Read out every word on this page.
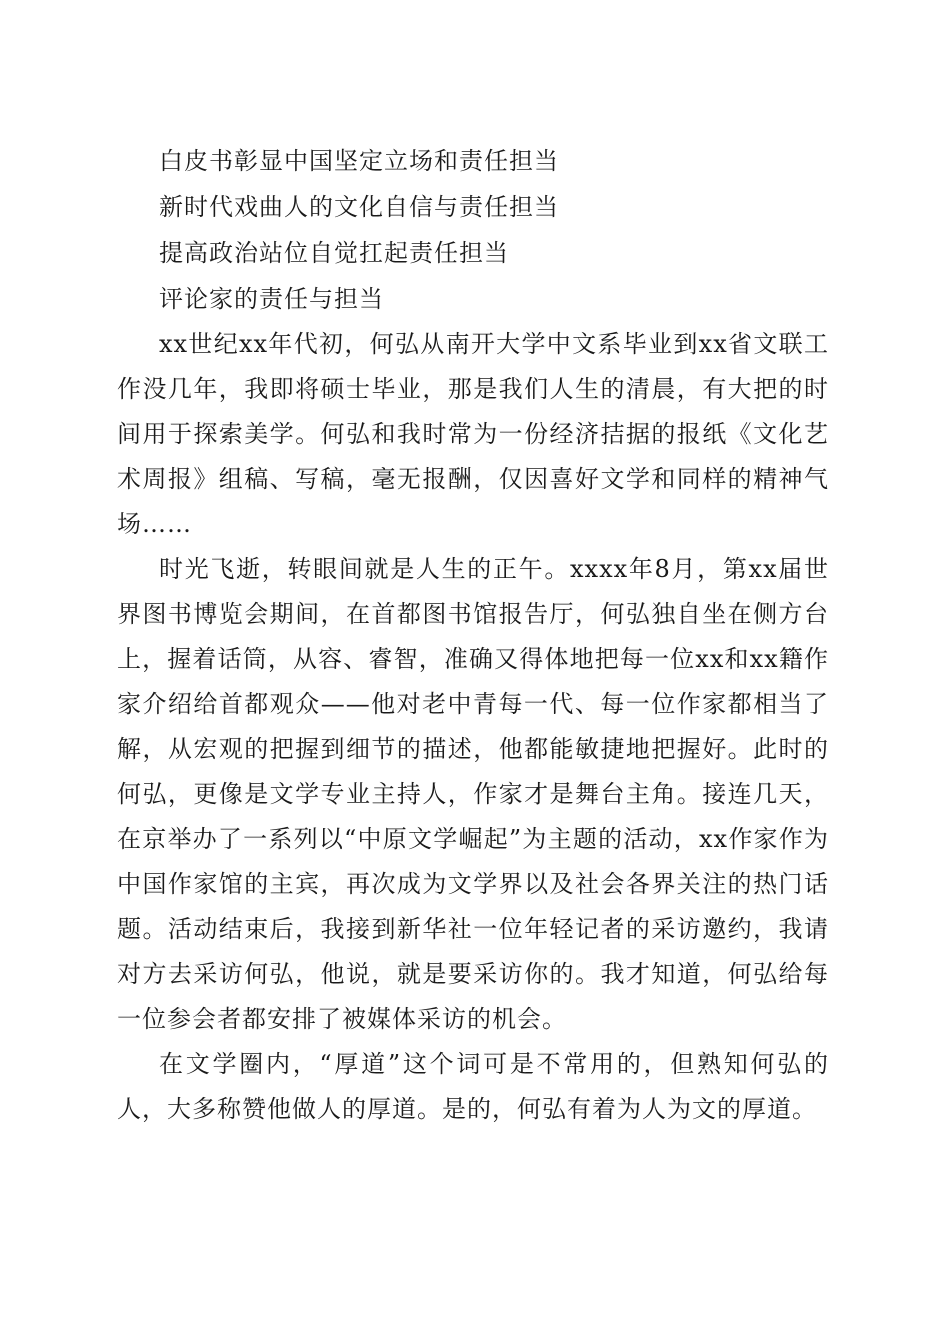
白皮书彰显中国坚定立场和责任担当
新时代戏曲人的文化自信与责任担当
提高政治站位自觉扛起责任担当
评论家的责任与担当

xx世纪xx年代初，何弘从南开大学中文系毕业到xx省文联工作没几年，我即将硕士毕业，那是我们人生的清晨，有大把的时间用于探索美学。何弘和我时常为一份经济拮据的报纸《文化艺术周报》组稿、写稿，毫无报酬，仅因喜好文学和同样的精神气场……

时光飞逝，转眼间就是人生的正午。xxxx年8月，第xx届世界图书博览会期间，在首都图书馆报告厅，何弘独自坐在侧方台上，握着话筒，从容、睿智，准确又得体地把每一位xx和xx籍作家介绍给首都观众——他对老中青每一代、每一位作家都相当了解，从宏观的把握到细节的描述，他都能敏捷地把握好。此时的何弘，更像是文学专业主持人，作家才是舞台主角。接连几天，在京举办了一系列以“中原文学崛起”为主题的活动，xx作家作为中国作家馆的主宾，再次成为文学界以及社会各界关注的热门话题。活动结束后，我接到新华社一位年轻记者的采访邀约，我请对方去采访何弘，他说，就是要采访你的。我才知道，何弘给每一位参会者都安排了被媒体采访的机会。

在文学圈内，“厚道”这个词可是不常用的，但熟知何弘的人，大多称赞他做人的厚道。是的，何弘有着为人为文的厚道。
